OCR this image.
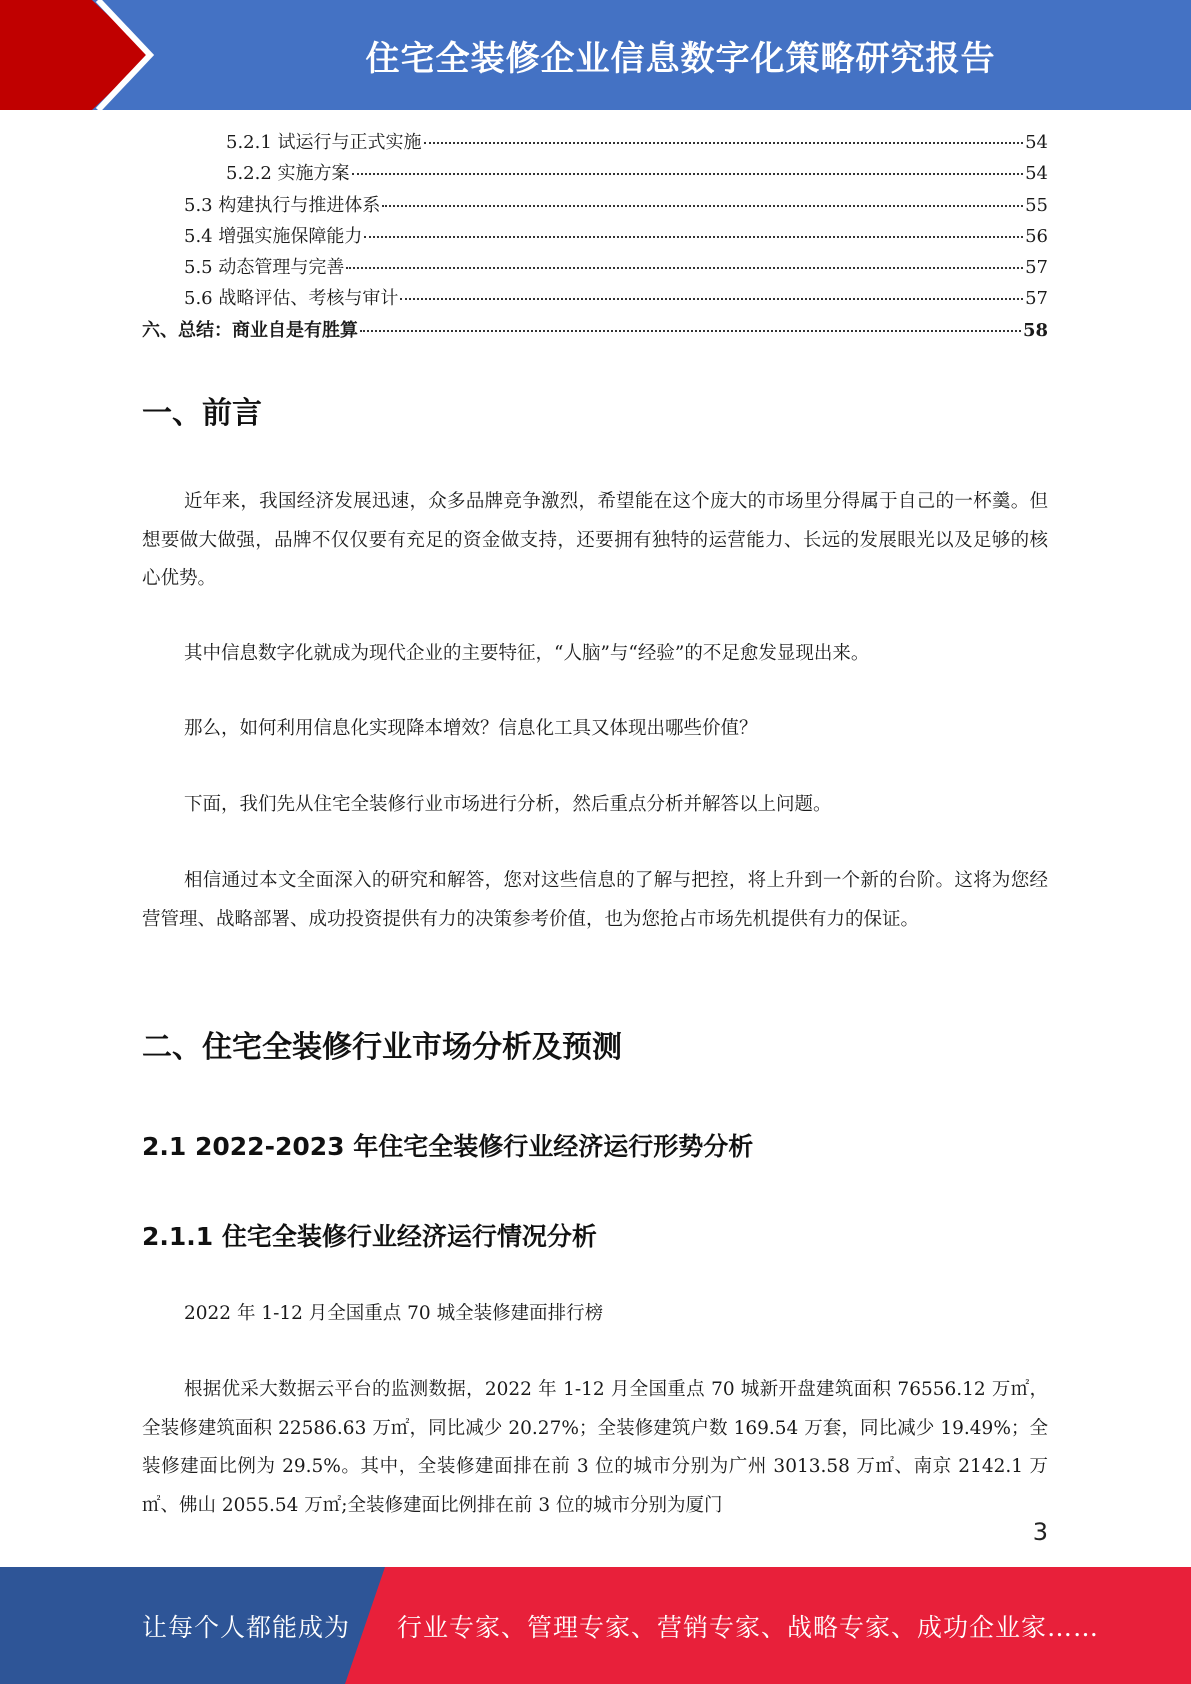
住宅全装修企业信息数字化策略研究报告
5.2.1 试运行与正式实施	54
5.2.2 实施方案	54
5.3 构建执行与推进体系	55
5.4 增强实施保障能力	56
5.5 动态管理与完善	57
5.6 战略评估、考核与审计	57
六、总结：商业自是有胜算	58
一、前言

近年来，我国经济发展迅速，众多品牌竞争激烈，希望能在这个庞大的市场里分得属于自己的一杯羹。但想要做大做强，品牌不仅仅要有充足的资金做支持，还要拥有独特的运营能力、长远的发展眼光以及足够的核心优势。

其中信息数字化就成为现代企业的主要特征，“人脑”与“经验”的不足愈发显现出来。

那么，如何利用信息化实现降本增效？信息化工具又体现出哪些价值？

下面，我们先从住宅全装修行业市场进行分析，然后重点分析并解答以上问题。

相信通过本文全面深入的研究和解答，您对这些信息的了解与把控，将上升到一个新的台阶。这将为您经营管理、战略部署、成功投资提供有力的决策参考价值，也为您抢占市场先机提供有力的保证。

二、住宅全装修行业市场分析及预测
2.1 2022-2023 年住宅全装修行业经济运行形势分析
2.1.1 住宅全装修行业经济运行情况分析

2022 年 1-12 月全国重点 70 城全装修建面排行榜

根据优采大数据云平台的监测数据，2022 年 1-12 月全国重点 70 城新开盘建筑面积 76556.12 万㎡，全装修建筑面积 22586.63 万㎡，同比减少 20.27%；全装修建筑户数 169.54 万套，同比减少 19.49%；全装修建面比例为 29.5%。其中，全装修建面排在前 3 位的城市分别为广州 3013.58 万㎡、南京 2142.1 万㎡、佛山 2055.54 万㎡;全装修建面比例排在前 3 位的城市分别为厦门

3
让每个人都能成为 行业专家、管理专家、营销专家、战略专家、成功企业家……
